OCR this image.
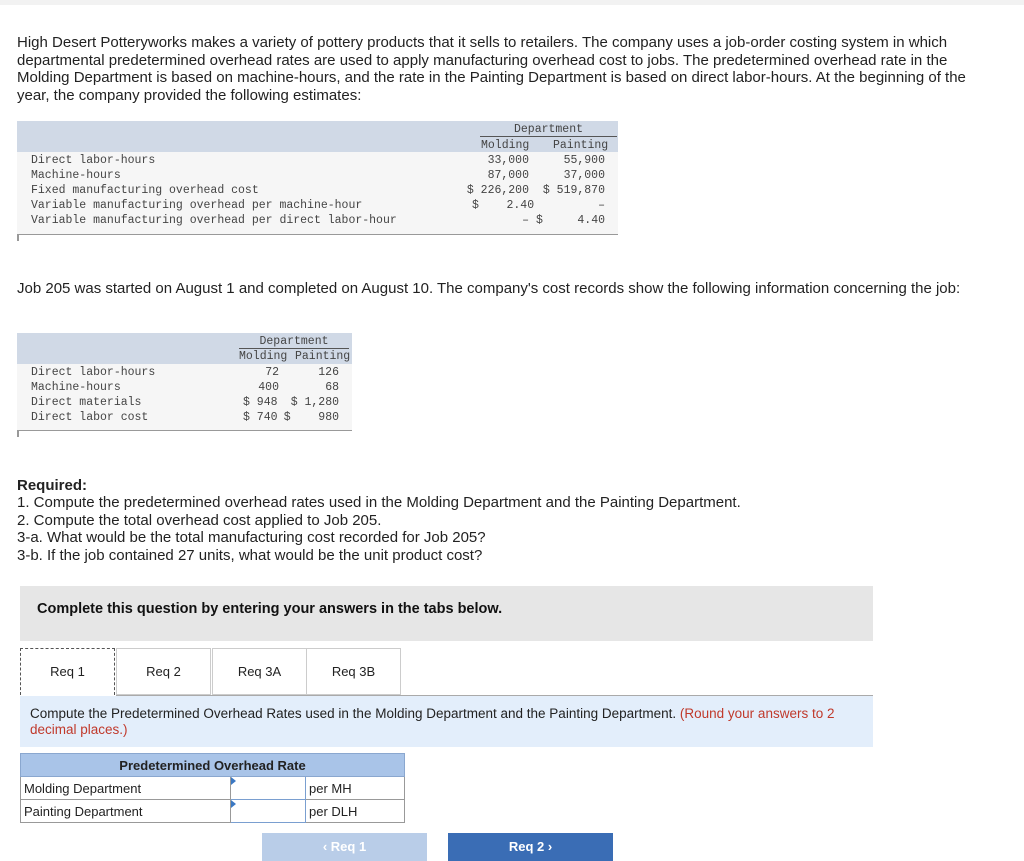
High Desert Potteryworks makes a variety of pottery products that it sells to retailers. The company uses a job-order costing system in which departmental predetermined overhead rates are used to apply manufacturing overhead cost to jobs. The predetermined overhead rate in the Molding Department is based on machine-hours, and the rate in the Painting Department is based on direct labor-hours. At the beginning of the year, the company provided the following estimates:

Department
Molding Painting
Direct labor-hours	33,000	55,900
Machine-hours	87,000	37,000
Fixed manufacturing overhead cost	$ 226,200 $ 519,870
Variable manufacturing overhead per machine-hour	$    2.40	–
Variable manufacturing overhead per direct labor-hour	– $     4.40

Job 205 was started on August 1 and completed on August 10. The company's cost records show the following information concerning the job:

Department
Molding Painting
Direct labor-hours	72	126
Machine-hours	400	68
Direct materials	$ 948 $ 1,280
Direct labor cost	$ 740 $    980
Required:
1. Compute the predetermined overhead rates used in the Molding Department and the Painting Department.
2. Compute the total overhead cost applied to Job 205.
3-a. What would be the total manufacturing cost recorded for Job 205?
3-b. If the job contained 27 units, what would be the unit product cost?
Complete this question by entering your answers in the tabs below.
Req 1	Req 2	Req 3A	Req 3B
Compute the Predetermined Overhead Rates used in the Molding Department and the Painting Department. (Round your answers to 2 decimal places.)
Predetermined Overhead Rate		
Molding Department		per MH
Painting Department		per DLH
‹ Req 1	Req 2 ›
